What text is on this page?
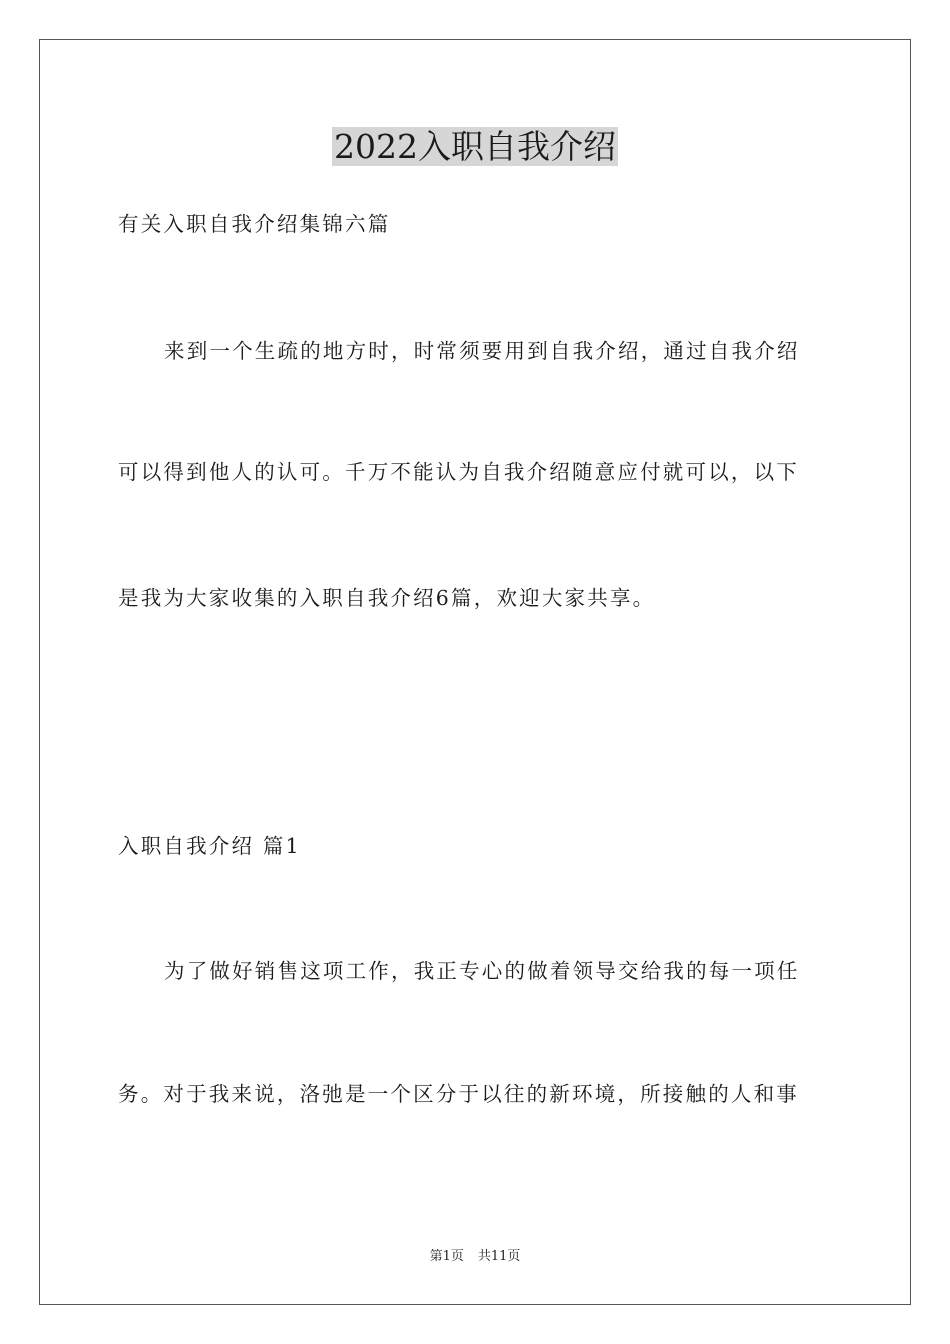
2022入职自我介绍
有关入职自我介绍集锦六篇
来到一个生疏的地方时，时常须要用到自我介绍，通过自我介绍
可以得到他人的认可。千万不能认为自我介绍随意应付就可以，以下
是我为大家收集的入职自我介绍6篇，欢迎大家共享。
入职自我介绍 篇1
为了做好销售这项工作，我正专心的做着领导交给我的每一项任
务。对于我来说，洛弛是一个区分于以往的新环境，所接触的人和事
第1页 共11页
